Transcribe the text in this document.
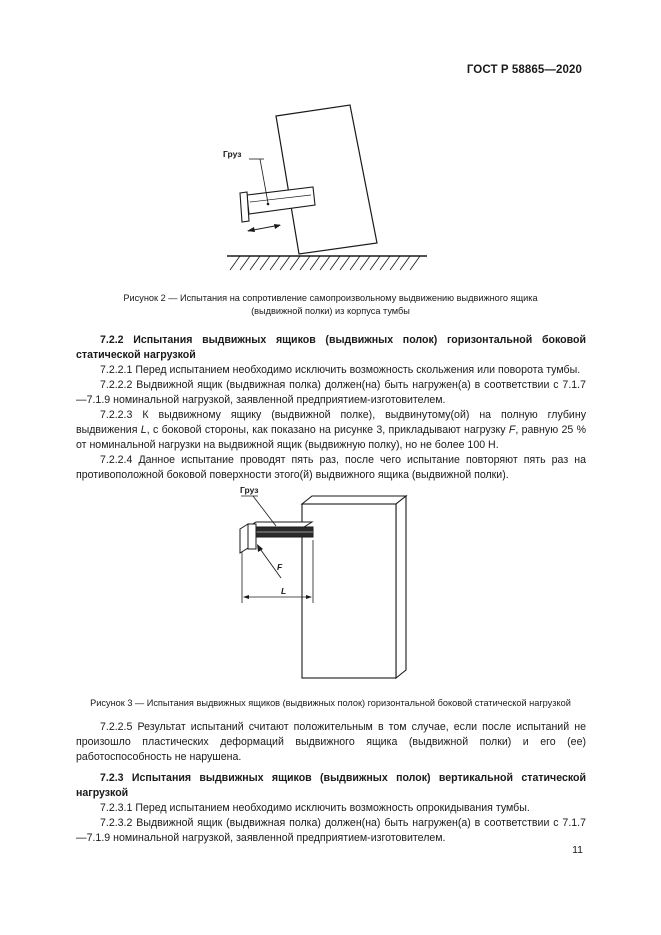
ГОСТ Р 58865—2020
Груз
Рисунок 2 — Испытания на сопротивление самопроизвольному выдвижению выдвижного ящика
(выдвижной полки) из корпуса тумбы

7.2.2 Испытания выдвижных ящиков (выдвижных полок) горизонтальной боковой статической нагрузкой

7.2.2.1 Перед испытанием необходимо исключить возможность скольжения или поворота тумбы.

7.2.2.2 Выдвижной ящик (выдвижная полка) должен(на) быть нагружен(а) в соответствии с 7.1.7—7.1.9 номинальной нагрузкой, заявленной предприятием-изготовителем.

7.2.2.3 К выдвижному ящику (выдвижной полке), выдвинутому(ой) на полную глубину выдвижения L, с боковой стороны, как показано на рисунке 3, прикладывают нагрузку F, равную 25 % от номинальной нагрузки на выдвижной ящик (выдвижную полку), но не более 100 Н.

7.2.2.4 Данное испытание проводят пять раз, после чего испытание повторяют пять раз на противоположной боковой поверхности этого(й) выдвижного ящика (выдвижной полки).

Груз
F
L
Рисунок 3 — Испытания выдвижных ящиков (выдвижных полок) горизонтальной боковой статической нагрузкой

7.2.2.5 Результат испытаний считают положительным в том случае, если после испытаний не произошло пластических деформаций выдвижного ящика (выдвижной полки) и его (ее) работоспособность не нарушена.

7.2.3 Испытания выдвижных ящиков (выдвижных полок) вертикальной статической нагрузкой

7.2.3.1 Перед испытанием необходимо исключить возможность опрокидывания тумбы.

7.2.3.2 Выдвижной ящик (выдвижная полка) должен(на) быть нагружен(а) в соответствии с 7.1.7—7.1.9 номинальной нагрузкой, заявленной предприятием-изготовителем.

11
